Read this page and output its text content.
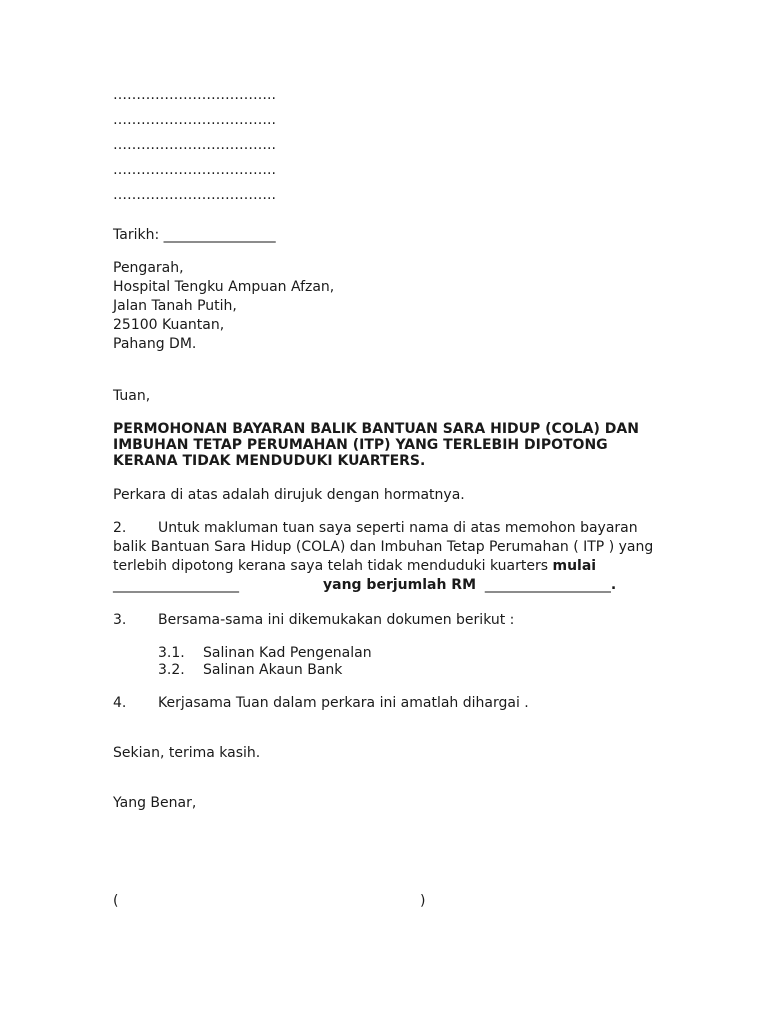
……………………………..

……………………………..

……………………………..

……………………………..

……………………………..

Tarikh: ________________

Pengarah,

Hospital Tengku Ampuan Afzan,

Jalan Tanah Putih,

25100 Kuantan,

Pahang DM.

Tuan,

PERMOHONAN BAYARAN BALIK BANTUAN SARA HIDUP (COLA) DAN

IMBUHAN TETAP PERUMAHAN (ITP) YANG TERLEBIH DIPOTONG

KERANA TIDAK MENDUDUKI KUARTERS.

Perkara di atas adalah dirujuk dengan hormatnya.

2. Untuk makluman tuan saya seperti nama di atas memohon bayaran

balik Bantuan Sara Hidup (COLA) dan Imbuhan Tetap Perumahan ( ITP ) yang

terlebih dipotong kerana saya telah tidak menduduki kuarters mulai

__________________	yang berjumlah RM __________________.

3. Bersama-sama ini dikemukakan dokumen berikut :

3.1. Salinan Kad Pengenalan

3.2. Salinan Akaun Bank

4. Kerjasama Tuan dalam perkara ini amatlah dihargai .

Sekian, terima kasih.

Yang Benar,

(	)
